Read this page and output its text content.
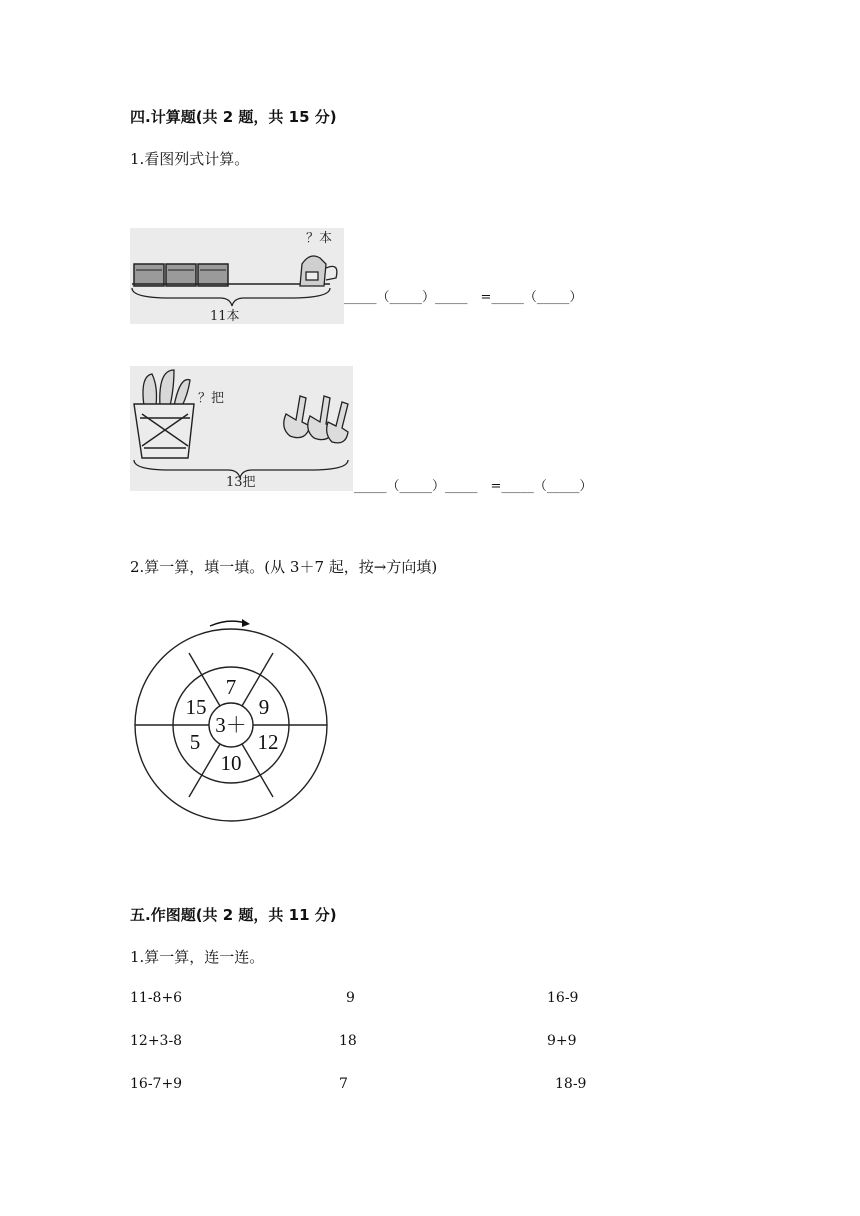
四.计算题(共 2 题，共 15 分)
1.看图列式计算。
？本
11本
_____（_____）_____　=_____（_____）
？把
13把	_____（_____）_____　=_____（_____）
2.算一算，填一填。(从 3＋7 起，按→方向填)
3＋
7
9
12
10
5
15
五.作图题(共 2 题，共 11 分)
1.算一算，连一连。
11-8+6	9	16-9
12+3-8	18	9+9
16-7+9	7	18-9
